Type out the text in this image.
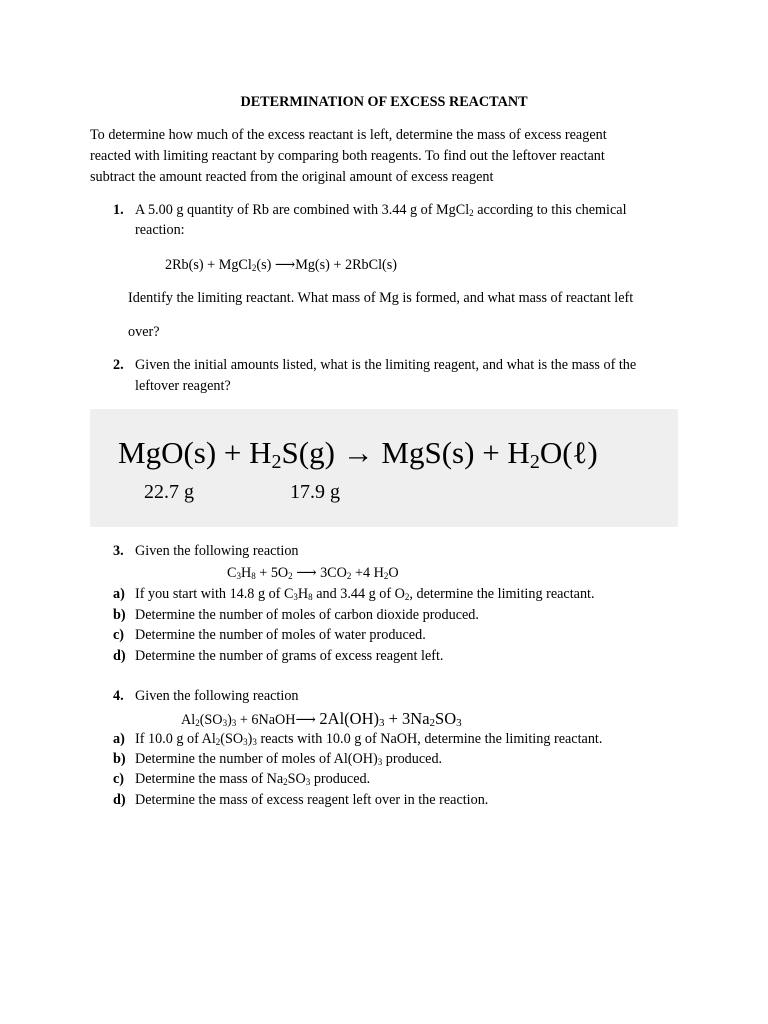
DETERMINATION OF EXCESS REACTANT
To determine how much of the excess reactant is left, determine the mass of excess reagent
reacted with limiting reactant by comparing both reagents. To find out the leftover reactant
subtract the amount reacted from the original amount of excess reagent
1. A 5.00 g quantity of Rb are combined with 3.44 g of MgCl$_2$ according to this chemical
reaction:
2Rb(s) + MgCl$_2$(s) ⟶Mg(s) + 2RbCl(s)
Identify the limiting reactant. What mass of Mg is formed, and what mass of reactant left
over?
2. Given the initial amounts listed, what is the limiting reagent, and what is the mass of the
leftover reagent?
$MgO(s) + H_2S(g) \to MgS(s)$ + $H_2O(\ell)$
22.7 g	17.9 g
3. Given the following reaction
$C_3H_8 + 5O_2$ ⟶ $3CO_2 +4$ $H_2O$
a) If you start with 14.8 g of $C_3H_8$ and 3.44 g of $O_2$, determine the limiting reactant.
b) Determine the number of moles of carbon dioxide produced.
c) Determine the number of moles of water produced.
d) Determine the number of grams of excess reagent left.
4. Given the following reaction
$Al_2(SO_3)_3$ + 6NaOH⟶ $2Al(OH)_3 + 3Na_2SO_3$
a) If 10.0 g of $Al_2(SO_3)_3$ reacts with 10.0 g of NaOH, determine the limiting reactant.
b) Determine the number of moles of $Al(OH)_3$ produced.
c) Determine the mass of $Na_2SO_3$ produced.
d) Determine the mass of excess reagent left over in the reaction.
